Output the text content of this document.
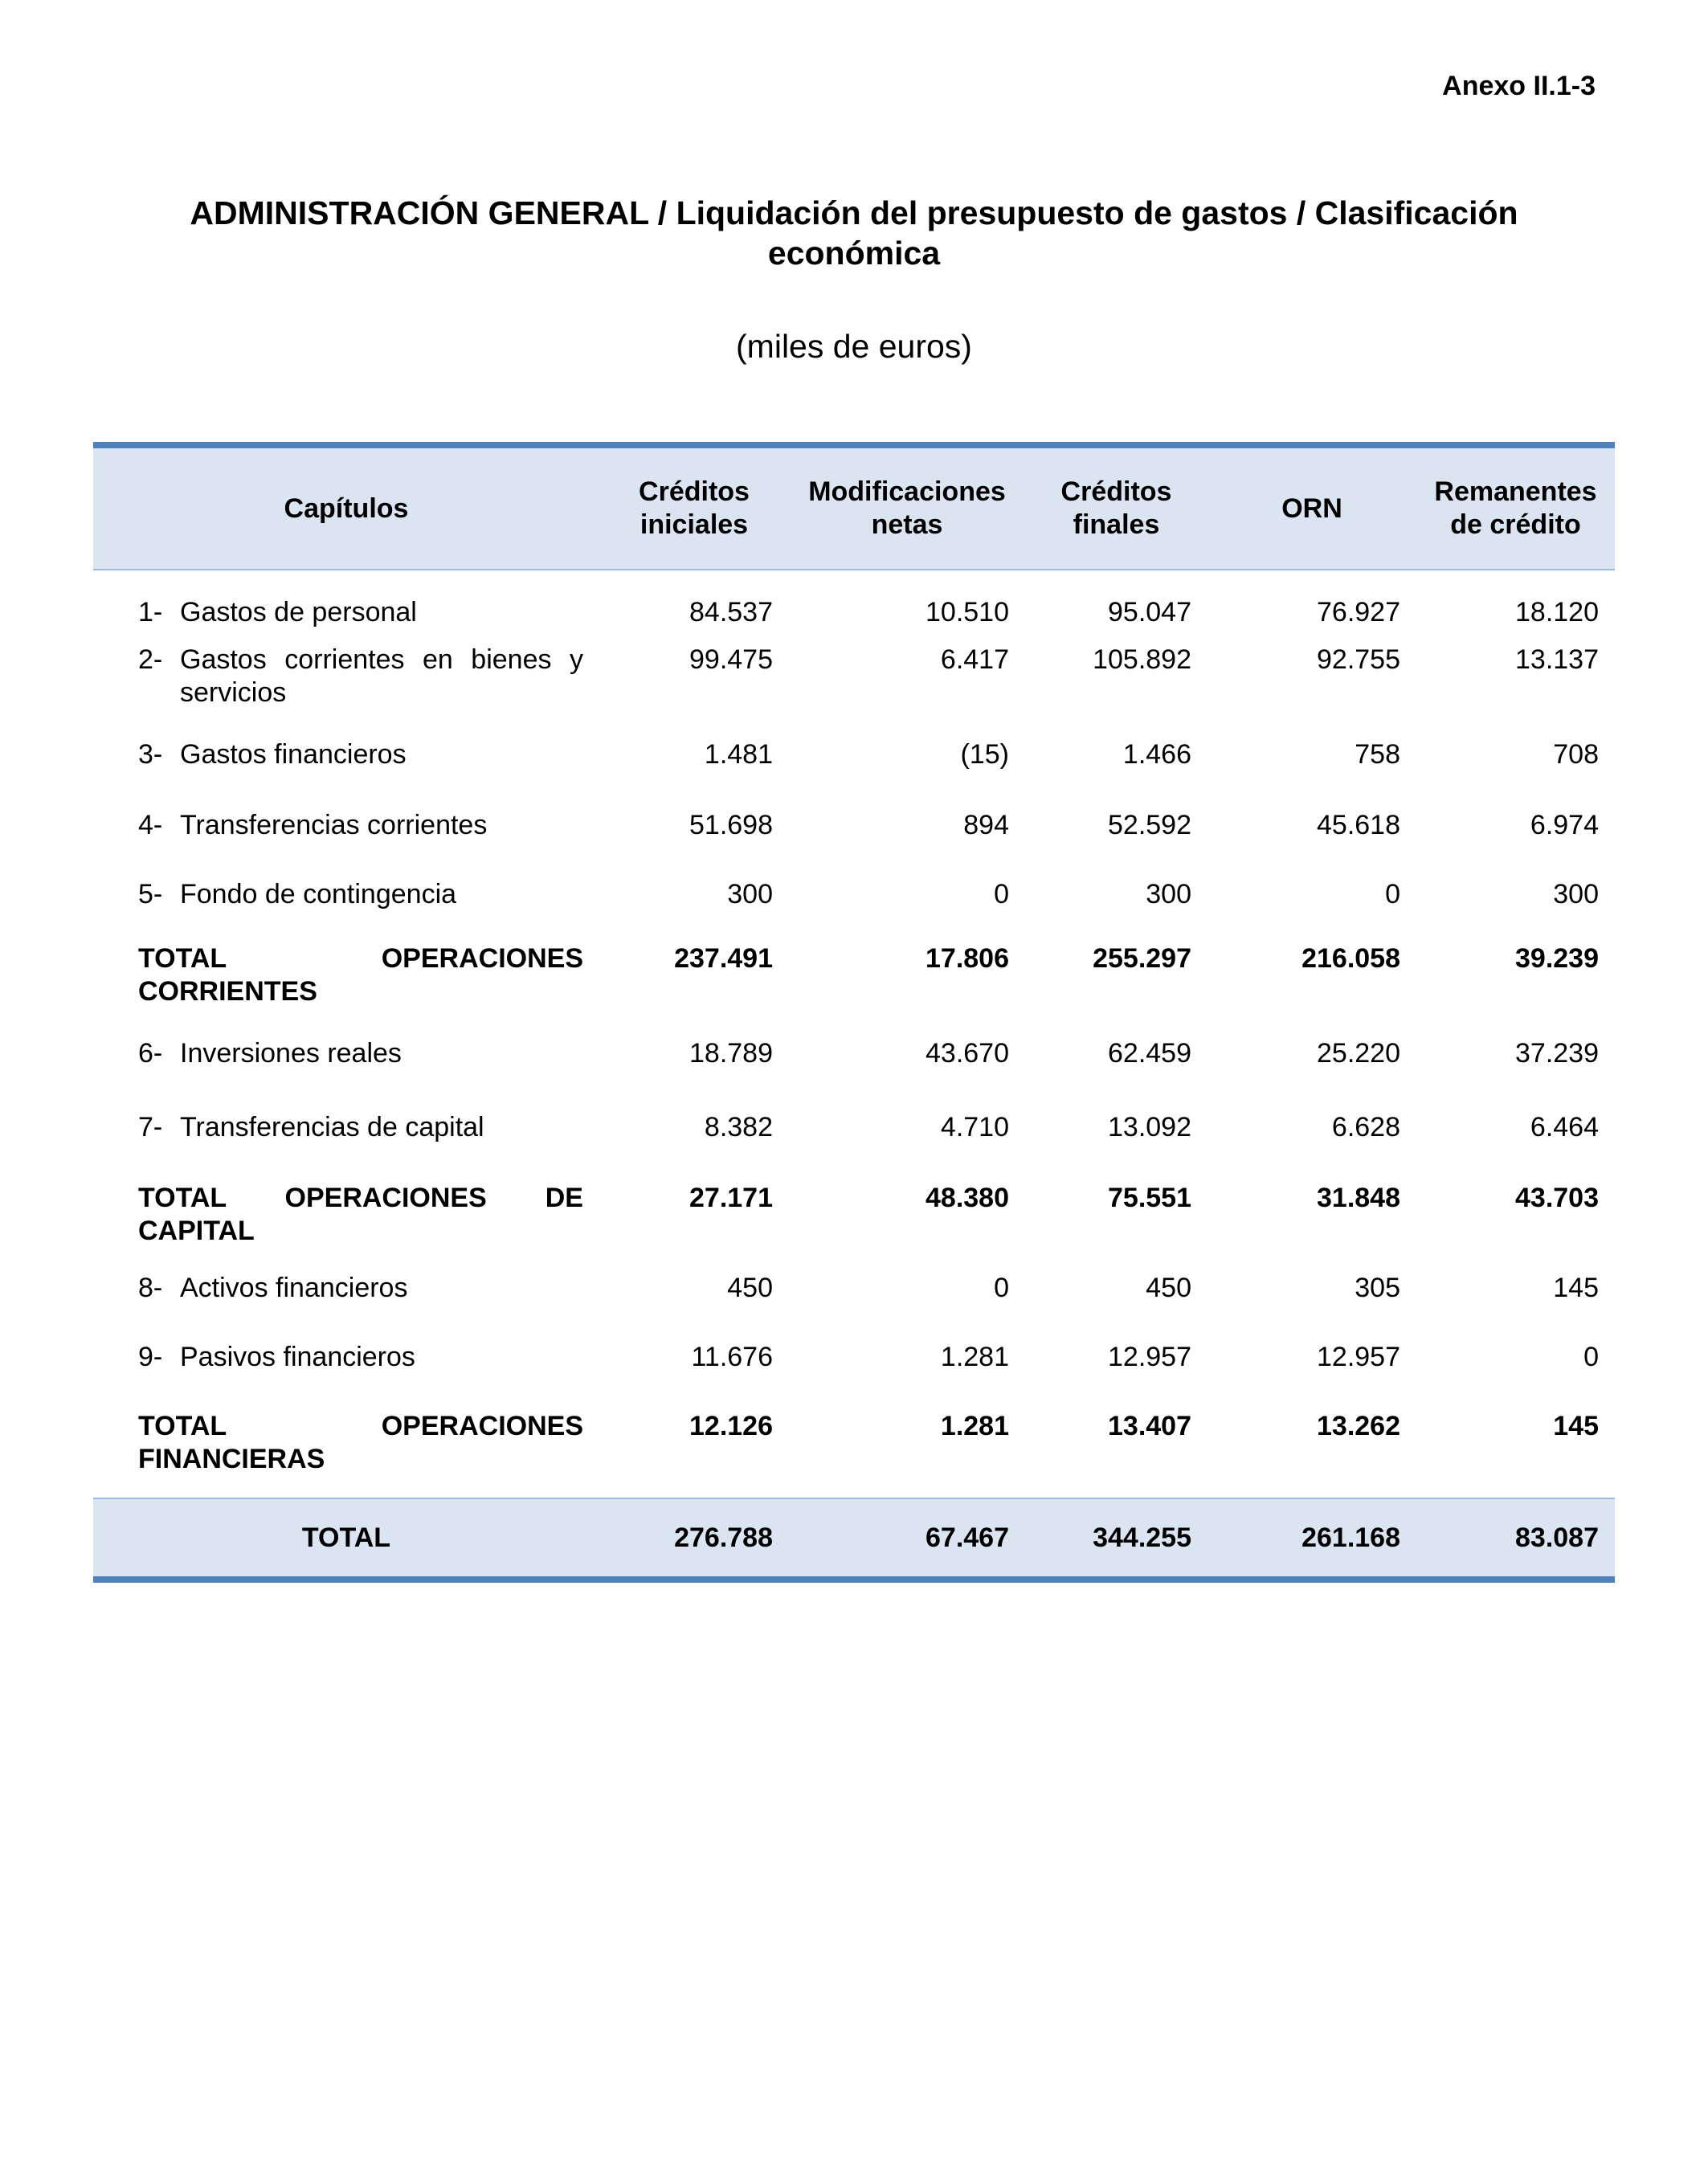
Anexo II.1-3
ADMINISTRACIÓN GENERAL / Liquidación del presupuesto de gastos / Clasificación económica
(miles de euros)
Capítulos	Créditos iniciales	Modificaciones netas	Créditos finales	ORN	Remanentes de crédito

1- Gastos de personal	84.537	10.510	95.047	76.927	18.120

2- Gastos corrientes en bienes y servicios	99.475	6.417	105.892	92.755	13.137

3- Gastos financieros	1.481	(15)	1.466	758	708

4- Transferencias corrientes	51.698	894	52.592	45.618	6.974

5- Fondo de contingencia	300	0	300	0	300
TOTAL OPERACIONES CORRIENTES	237.491	17.806	255.297	216.058	39.239

6- Inversiones reales	18.789	43.670	62.459	25.220	37.239

7- Transferencias de capital	8.382	4.710	13.092	6.628	6.464
TOTAL OPERACIONES DE CAPITAL	27.171	48.380	75.551	31.848	43.703

8- Activos financieros	450	0	450	305	145

9- Pasivos financieros	11.676	1.281	12.957	12.957	0
TOTAL OPERACIONES FINANCIERAS	12.126	1.281	13.407	13.262	145
TOTAL	276.788	67.467	344.255	261.168	83.087
